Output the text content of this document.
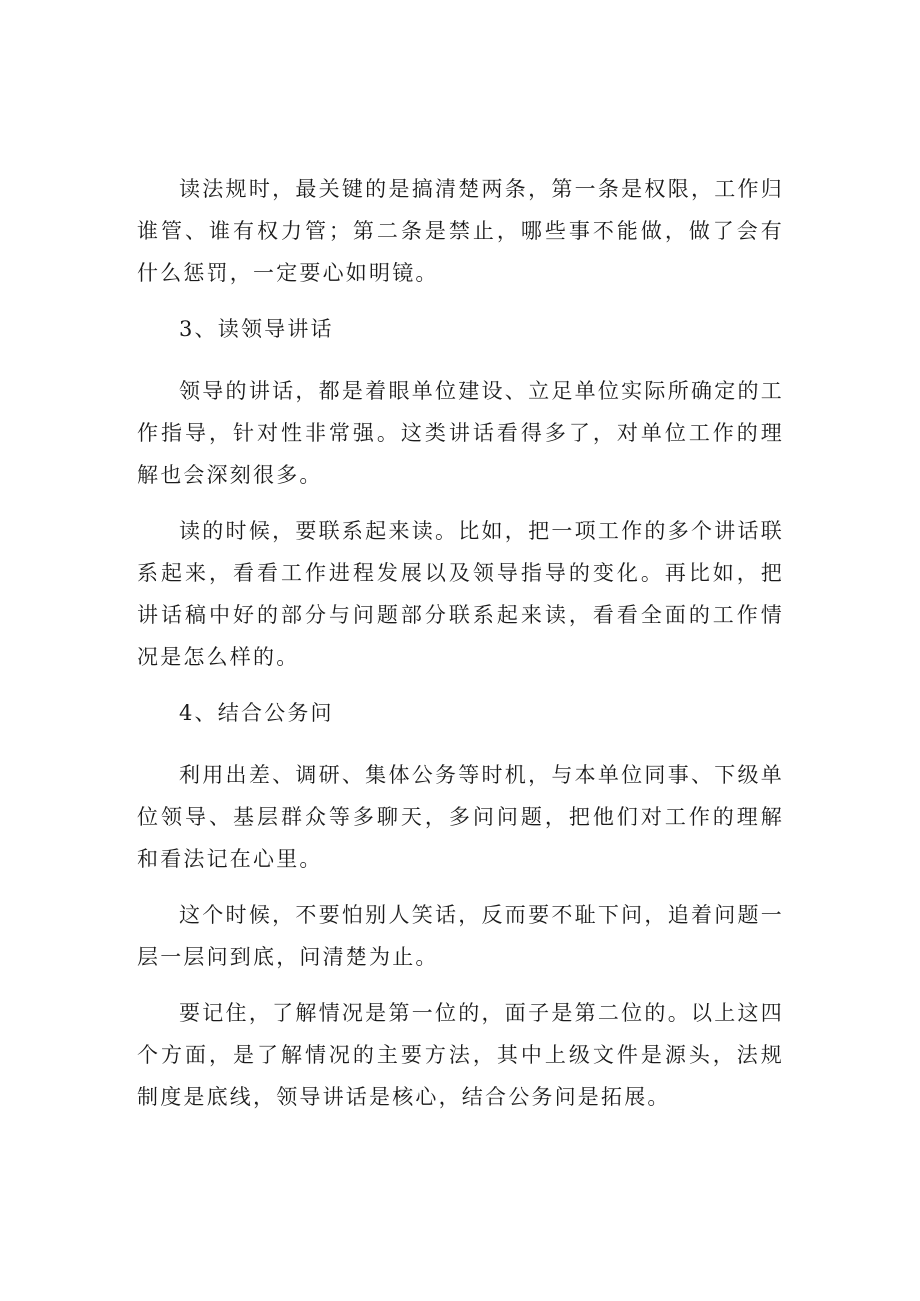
读法规时，最关键的是搞清楚两条，第一条是权限，工作归谁管、谁有权力管；第二条是禁止，哪些事不能做，做了会有什么惩罚，一定要心如明镜。

3、读领导讲话

领导的讲话，都是着眼单位建设、立足单位实际所确定的工作指导，针对性非常强。这类讲话看得多了，对单位工作的理解也会深刻很多。

读的时候，要联系起来读。比如，把一项工作的多个讲话联系起来，看看工作进程发展以及领导指导的变化。再比如，把讲话稿中好的部分与问题部分联系起来读，看看全面的工作情况是怎么样的。

4、结合公务问

利用出差、调研、集体公务等时机，与本单位同事、下级单位领导、基层群众等多聊天，多问问题，把他们对工作的理解和看法记在心里。

这个时候，不要怕别人笑话，反而要不耻下问，追着问题一层一层问到底，问清楚为止。

要记住，了解情况是第一位的，面子是第二位的。以上这四个方面，是了解情况的主要方法，其中上级文件是源头，法规制度是底线，领导讲话是核心，结合公务问是拓展。
